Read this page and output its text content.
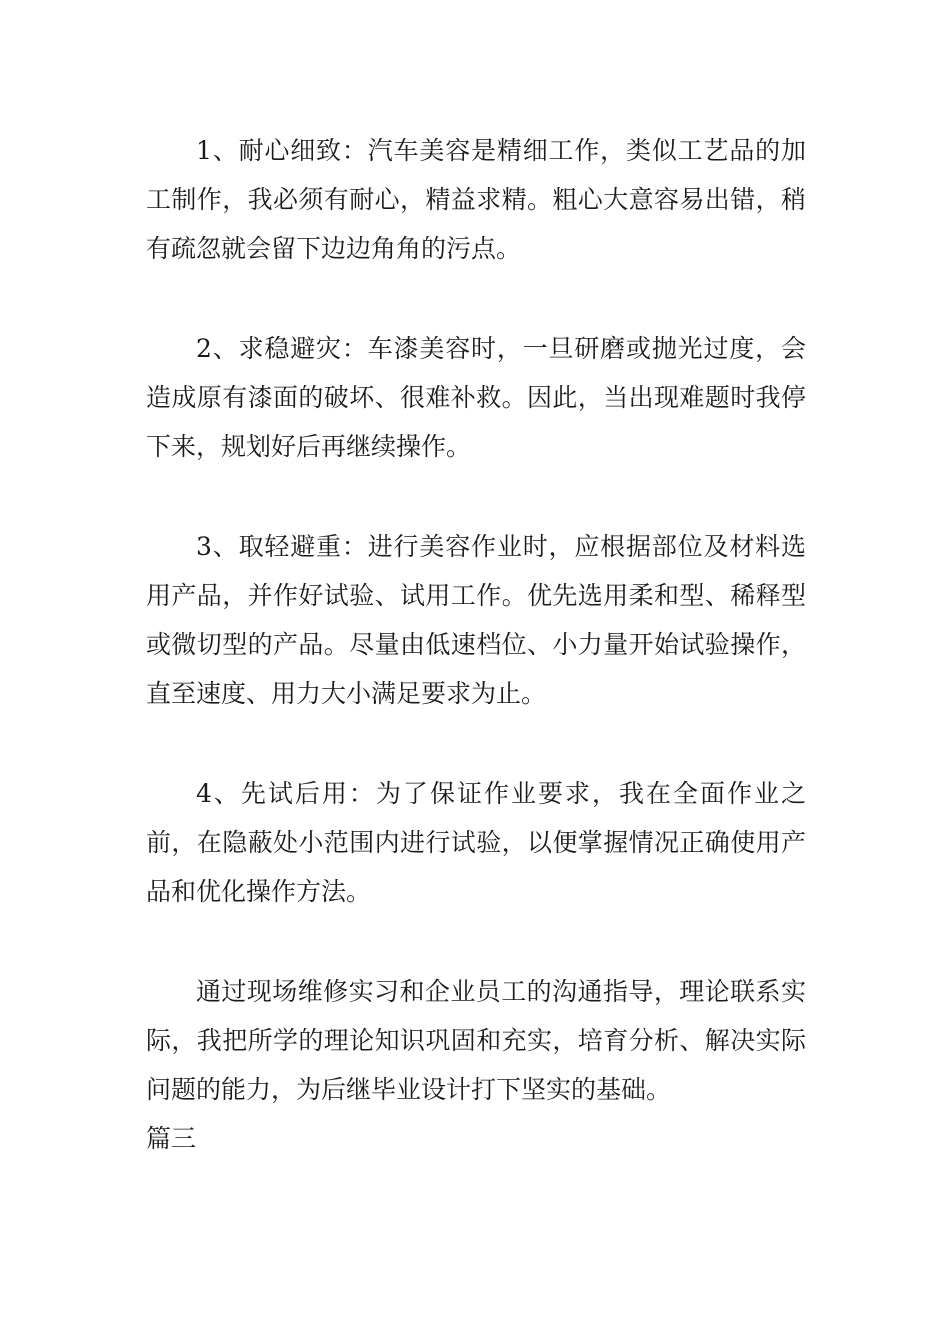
1、耐心细致：汽车美容是精细工作，类似工艺品的加工制作，我必须有耐心，精益求精。粗心大意容易出错，稍有疏忽就会留下边边角角的污点。

2、求稳避灾：车漆美容时，一旦研磨或抛光过度，会造成原有漆面的破坏、很难补救。因此，当出现难题时我停下来，规划好后再继续操作。

3、取轻避重：进行美容作业时，应根据部位及材料选用产品，并作好试验、试用工作。优先选用柔和型、稀释型或微切型的产品。尽量由低速档位、小力量开始试验操作，直至速度、用力大小满足要求为止。

4、先试后用：为了保证作业要求，我在全面作业之前，在隐蔽处小范围内进行试验，以便掌握情况正确使用产品和优化操作方法。

通过现场维修实习和企业员工的沟通指导，理论联系实际，我把所学的理论知识巩固和充实，培育分析、解决实际问题的能力，为后继毕业设计打下坚实的基础。

篇三
